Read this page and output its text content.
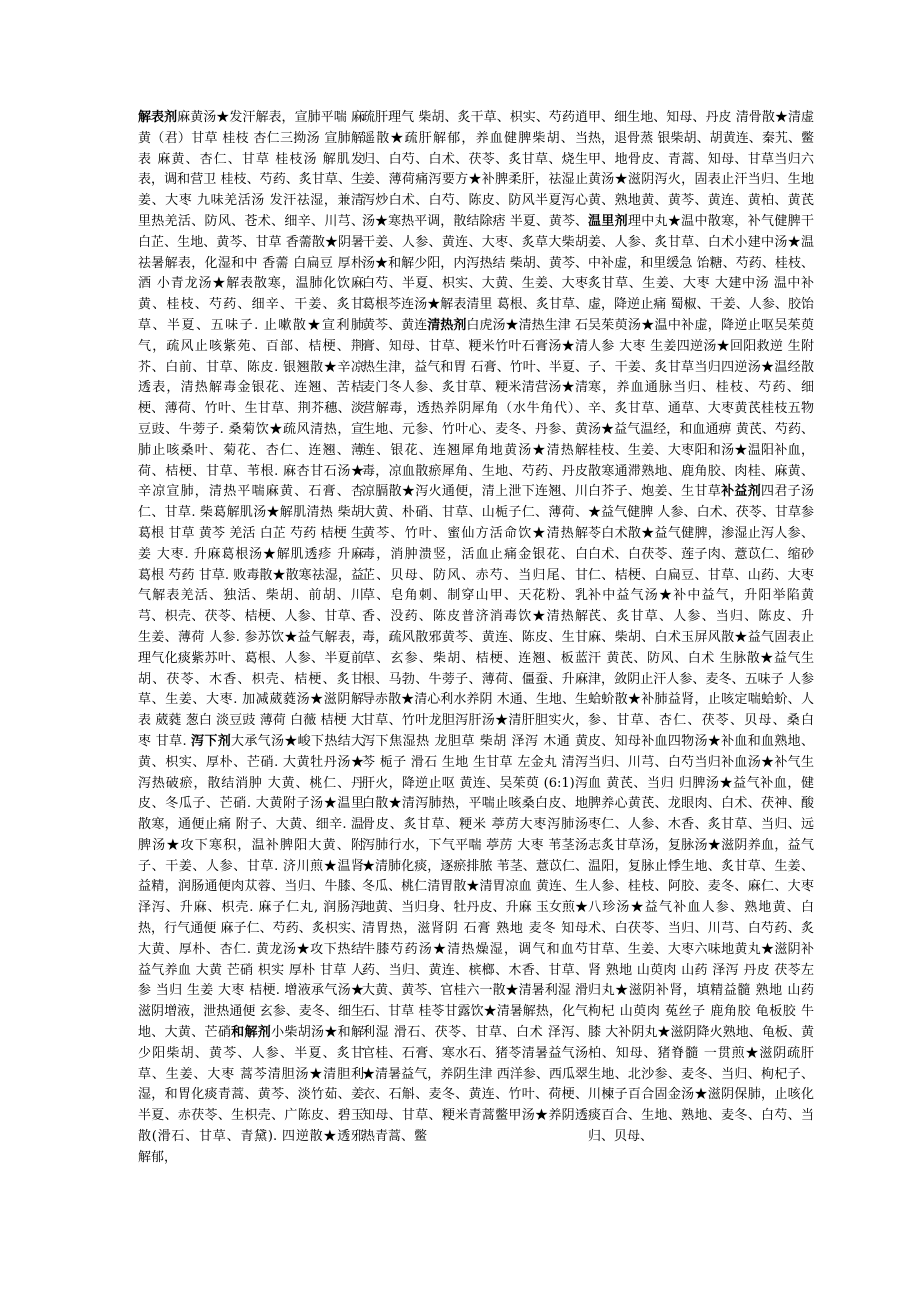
解表剂麻黄汤★发汗解表，宣肺平喘 麻黄（君）甘草 桂枝 杏仁三拗汤 宣肺解表 麻黄、杏仁、甘草 桂枝汤 解肌发表，调和营卫 桂枝、芍药、炙甘草、生姜、大枣 九味羌活汤 发汗祛湿，兼清里热羌活、防风、苍术、细辛、川芎、白芷、生地、黄芩、甘草 香薷散★阴暑祛暑解表，化湿和中 香薷 白扁豆 厚朴 酒 小青龙汤★解表散寒，温肺化饮麻黄、桂枝、芍药、细辛、干姜、炙甘草、半夏、五味子. 止嗽散★宣利肺气，疏风止咳紫苑、百部、桔梗、荆芥、白前、甘草、陈皮. 银翘散★辛凉透表，清热解毒金银花、连翘、苦桔梗、薄荷、竹叶、生甘草、荆芥穗、淡豆豉、牛蒡子. 桑菊饮★疏风清热，宣肺止咳桑叶、菊花、杏仁、连翘、薄荷、桔梗、甘草、苇根. 麻杏甘石汤★辛凉宣肺，清热平喘麻黄、石膏、杏仁、甘草. 柴葛解肌汤★解肌清热 柴胡 葛根 甘草 黄芩 羌活 白芷 芍药 桔梗 生姜 大枣. 升麻葛根汤★解肌透疹 升麻 葛根 芍药 甘草. 败毒散★散寒祛湿，益气解表羌活、独活、柴胡、前胡、川芎、枳壳、茯苓、桔梗、人参、甘草、生姜、薄荷 人参. 参苏饮★益气解表，理气化痰紫苏叶、葛根、人参、半夏前胡、茯苓、木香、枳壳、桔梗、炙甘草、生姜、大枣. 加减葳蕤汤★滋阴解表 葳蕤 葱白 淡豆豉 薄荷 白薇 桔梗 大枣 甘草. 泻下剂大承气汤★峻下热结大黄、枳实、厚朴、芒硝. 大黄牡丹汤★泻热破瘀，散结消肿 大黄、桃仁、丹皮、冬瓜子、芒硝. 大黄附子汤★温里散寒，通便止痛 附子、大黄、细辛. 温脾汤★攻下寒积，温补脾阳大黄、附子、干姜、人参、甘草. 济川煎★温肾益精，润肠通便肉苁蓉、当归、牛膝、泽泻、升麻、枳壳. 麻子仁丸, 润肠泻热，行气通便 麻子仁、芍药、炙枳实、大黄、厚朴、杏仁. 黄龙汤★攻下热结 益气养血 大黄 芒硝 枳实 厚朴 甘草 人参 当归 生姜 大枣 桔梗. 增液承气汤★滋阴增液，泄热通便 玄参、麦冬、细生地、大黄、芒硝和解剂小柴胡汤★和解少阳柴胡、黄芩、人参、半夏、炙甘草、生姜、大枣 蒿芩清胆汤★清胆利湿，和胃化痰青蒿、黄芩、淡竹茹、姜半夏、赤茯苓、生枳壳、广陈皮、碧玉散(滑石、甘草、青黛). 四逆散★透邪解郁，
疏肝理气 柴胡、炙干草、枳实、芍药逍遥散★疏肝解郁，养血健脾柴胡、当归、白芍、白术、茯苓、炙甘草、烧生姜、薄荷痛泻要方★补脾柔肝，祛湿止泻炒白术、白芍、陈皮、防风半夏泻心汤★寒热平调，散结除痞 半夏、黄芩、干姜、人参、黄连、大枣、炙草大柴胡汤★和解少阳，内泻热结 柴胡、黄芩、白芍、半夏、枳实、大黄、生姜、大枣葛根芩连汤★解表清里 葛根、炙甘草、黄芩、黄连清热剂白虎汤★清热生津 石膏、知母、甘草、粳米竹叶石膏汤★清热生津，益气和胃 石膏、竹叶、半夏、麦门冬人参、炙甘草、粳米清营汤★清营解毒，透热养阴犀角（水牛角代）、生地、元参、竹叶心、麦冬、丹参、黄连、银花、连翘犀角地黄汤★清热解毒，凉血散瘀犀角、生地、芍药、丹皮凉膈散★泻火通便，清上泄下连翘、川大黄、朴硝、甘草、山栀子仁、薄荷、黄芩、竹叶、蜜仙方活命饮★清热解毒，消肿溃竖，活血止痛金银花、白芷、贝母、防风、赤芍、当归尾、甘草、皂角刺、制穿山甲、天花粉、乳香、没药、陈皮普济消毒饮★清热解毒，疏风散邪黄芩、黄连、陈皮、生甘草、玄参、柴胡、桔梗、连翘、板蓝根、马勃、牛蒡子、薄荷、僵蚕、升麻导赤散★清心利水养阴 木通、生地、生甘草、竹叶龙胆泻肝汤★清肝胆实火，泻下焦湿热 龙胆草 柴胡 泽泻 木通 黄芩 栀子 滑石 生地 生甘草 左金丸 清泻肝火，降逆止呕 黄连、吴茱萸 (6:1)泻白散★清泻肺热，平喘止咳桑白皮、地骨皮、炙甘草、粳米 葶苈大枣泻肺汤 泻肺行水，下气平喘 葶苈 大枣 苇茎汤★清肺化痰，逐瘀排脓 苇茎、薏苡仁、冬瓜、桃仁清胃散★清胃凉血 黄连、生地黄、当归身、牡丹皮、升麻 玉女煎★清胃热，滋肾阴 石膏 熟地 麦冬 知母 牛膝芍药汤★清热燥湿，调气和血芍药、当归、黄连、槟榔、木香、甘草、大黄、黄芩、官桂六一散★清暑利湿 滑石、甘草 桂苓甘露饮★清暑解热，化气利湿 滑石、茯苓、甘草、白术 泽泻、官桂、石膏、寒水石、猪苓清暑益气汤★清暑益气，养阴生津 西洋参、西瓜翠衣、石斛、麦冬、黄连、竹叶、荷梗、知母、甘草、粳米青蒿鳖甲汤★养阴透热青蒿、鳖
甲、细生地、知母、丹皮 清骨散★清虚热，退骨蒸 银柴胡、胡黄连、秦艽、鳖甲、地骨皮、青蒿、知母、甘草当归六黄汤★滋阴泻火，固表止汗当归、生地黄、熟地黄、黄芩、黄连、黄柏、黄芪温里剂理中丸★温中散寒，补气健脾干姜、人参、炙甘草、白术小建中汤★温中补虚，和里缓急 饴糖、芍药、桂枝、炙甘草、生姜、大枣 大建中汤 温中补虚，降逆止痛 蜀椒、干姜、人参、胶饴 吴茱萸汤★温中补虚，降逆止呕吴茱萸 人参 大枣 生姜四逆汤★回阳救逆 生附子、干姜、炙甘草当归四逆汤★温经散寒，养血通脉当归、桂枝、芍药、细辛、炙甘草、通草、大枣黄芪桂枝五物汤★益气温经，和血通痹 黄芪、芍药、桂枝、生姜、大枣阳和汤★温阳补血，散寒通滞熟地、鹿角胶、肉桂、麻黄、白芥子、炮姜、生甘草补益剂四君子汤★益气健脾 人参、白术、茯苓、甘草参苓白术散★益气健脾，渗湿止泻人参、白术、白茯苓、莲子肉、薏苡仁、缩砂仁、桔梗、白扁豆、甘草、山药、大枣 补中益气汤★补中益气，升阳举陷黄芪、炙甘草、人参、当归、陈皮、升麻、柴胡、白术玉屏风散★益气固表止汗 黄芪、防风、白术 生脉散★益气生津，敛阴止汗人参、麦冬、五味子 人参蛤蚧散★补肺益肾，止咳定喘蛤蚧、人参、甘草、杏仁、茯苓、贝母、桑白皮、知母补血四物汤★补血和血熟地、当归、川芎、白芍当归补血汤★补气生血 黄芪、当归 归脾汤★益气补血，健脾养心黄芪、龙眼肉、白术、茯神、酸枣仁、人参、木香、炙甘草、当归、远志炙甘草汤，复脉汤★滋阴养血，益气温阳，复脉止悸生地、炙甘草、生姜、人参、桂枝、阿胶、麦冬、麻仁、大枣 八珍汤★益气补血人参、熟地黄、白术、白茯苓、当归、川芎、白芍药、炙甘草、生姜、大枣六味地黄丸★滋阴补肾 熟地 山萸肉 山药 泽泻 丹皮 茯苓左归丸★滋阴补肾，填精益髓 熟地 山药 枸杞 山萸肉 菟丝子 鹿角胶 龟板胶 牛膝 大补阴丸★滋阴降火熟地、龟板、黄柏、知母、猪脊髓 一贯煎★滋阴疏肝 生地、北沙参、麦冬、当归、枸杞子、川楝子百合固金汤★滋阴保肺，止咳化痰百合、生地、熟地、麦冬、白芍、当归、贝母、
